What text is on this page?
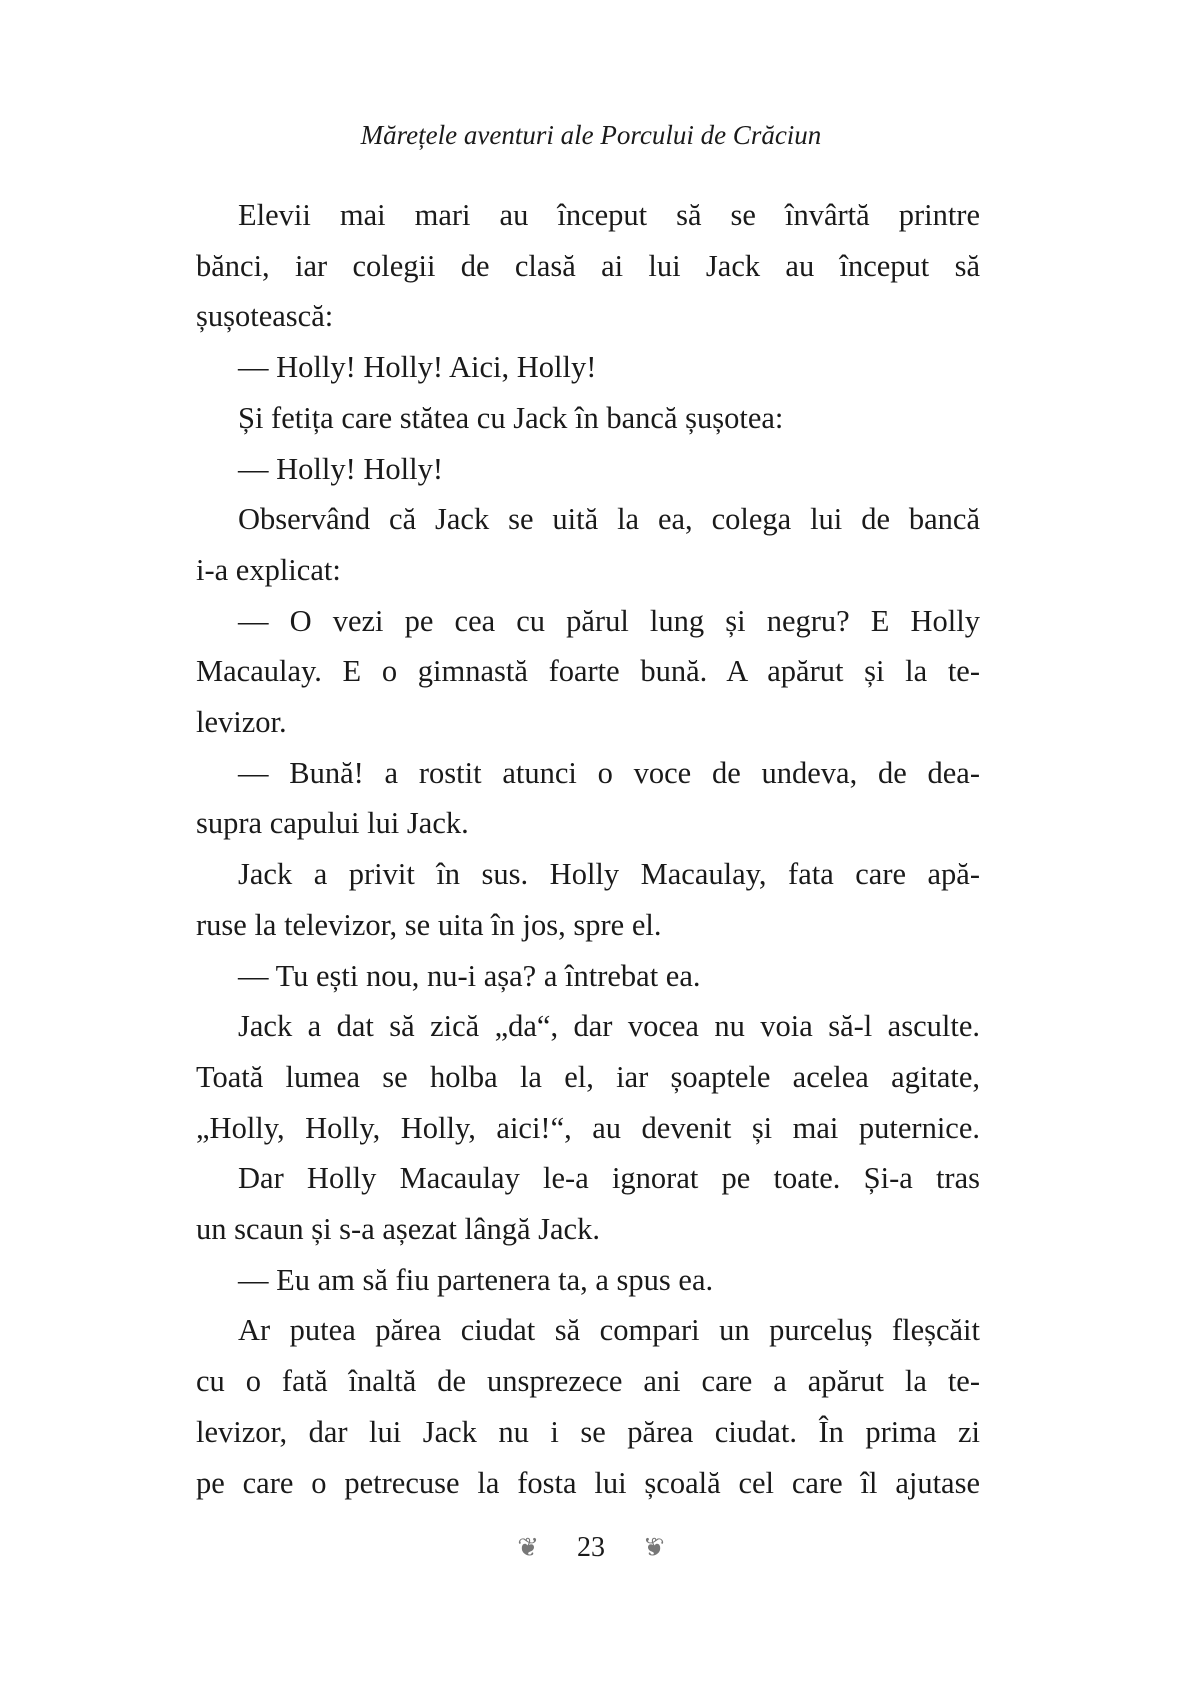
Mărețele aventuri ale Porcului de Crăciun
Elevii mai mari au început să se învârtă printre
bănci, iar colegii de clasă ai lui Jack au început să
șușotească:
— Holly! Holly! Aici, Holly!
Și fetița care stătea cu Jack în bancă șușotea:
— Holly! Holly!
Observând că Jack se uită la ea, colega lui de bancă
i-a explicat:
— O vezi pe cea cu părul lung și negru? E Holly
Macaulay. E o gimnastă foarte bună. A apărut și la te-
levizor.
— Bună! a rostit atunci o voce de undeva, de dea-
supra capului lui Jack.
Jack a privit în sus. Holly Macaulay, fata care apă-
ruse la televizor, se uita în jos, spre el.
— Tu ești nou, nu-i așa? a întrebat ea.
Jack a dat să zică „da“, dar vocea nu voia să-l asculte.
Toată lumea se holba la el, iar șoaptele acelea agitate,
„Holly, Holly, Holly, aici!“, au devenit și mai puternice.
Dar Holly Macaulay le-a ignorat pe toate. Și-a tras
un scaun și s-a așezat lângă Jack.
— Eu am să fiu partenera ta, a spus ea.
Ar putea părea ciudat să compari un purceluș fleșcăit
cu o fată înaltă de unsprezece ani care a apărut la te-
levizor, dar lui Jack nu i se părea ciudat. În prima zi
pe care o petrecuse la fosta lui școală cel care îl ajutase
❦ 23 ❦
